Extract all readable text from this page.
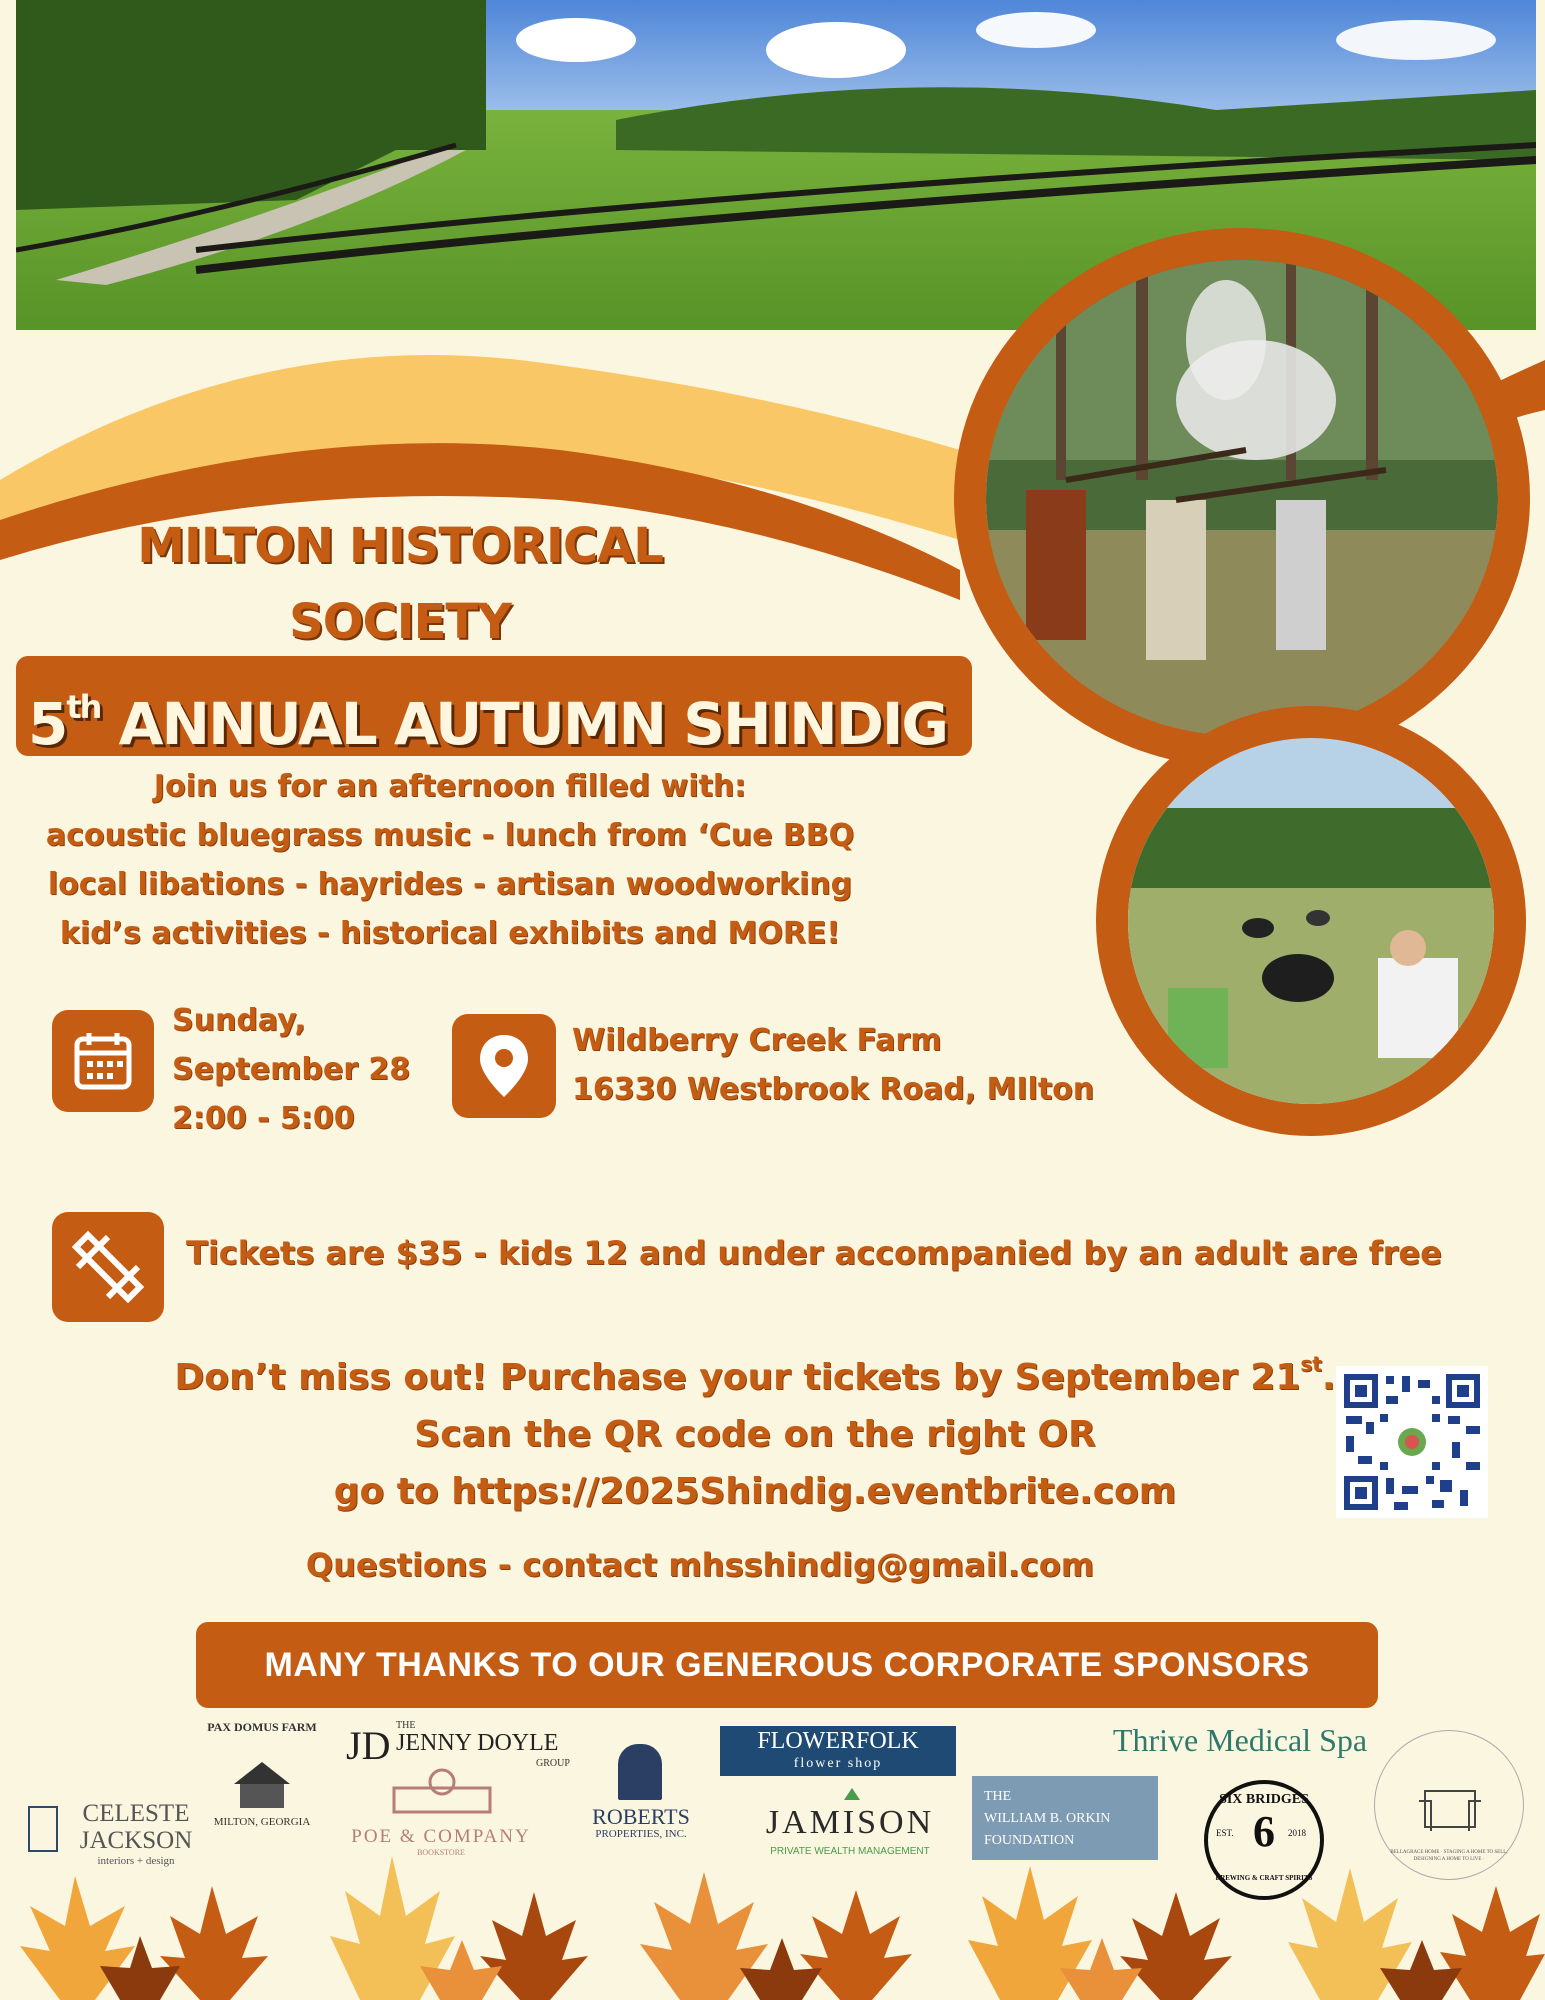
MILTON HISTORICAL
SOCIETY
5th ANNUAL AUTUMN SHINDIG
Join us for an afternoon filled with:
acoustic bluegrass music - lunch from ‘Cue BBQ
local libations - hayrides - artisan woodworking
kid’s activities - historical exhibits and MORE!
Sunday,
September 28
2:00 - 5:00
Wildberry Creek Farm
16330 Westbrook Road, MIlton
Tickets are $35 - kids 12 and under accompanied by an adult are free
Don’t miss out! Purchase your tickets by September 21st.
Scan the QR code on the right OR
go to https://2025Shindig.eventbrite.com
Questions - contact mhsshindig@gmail.com
MANY THANKS TO OUR GENEROUS CORPORATE SPONSORS
CELESTE
JACKSON
interiors + design
PAX DOMUS FARM
MILTON, GEORGIA
JD THE
JENNY DOYLE
GROUP
POE & COMPANY
BOOKSTORE
ROBERTS
PROPERTIES, INC.
FLOWERFOLK
flower shop
JAMISON
PRIVATE WEALTH MANAGEMENT
THE
WILLIAM B. ORKIN
FOUNDATION
Thrive Medical Spa
SIX BRIDGES
6
EST.	2018
BREWING & CRAFT SPIRITS
BELLAGRACE HOME · STAGING A HOME TO SELL, DESIGNING A HOME TO LIVE ·
